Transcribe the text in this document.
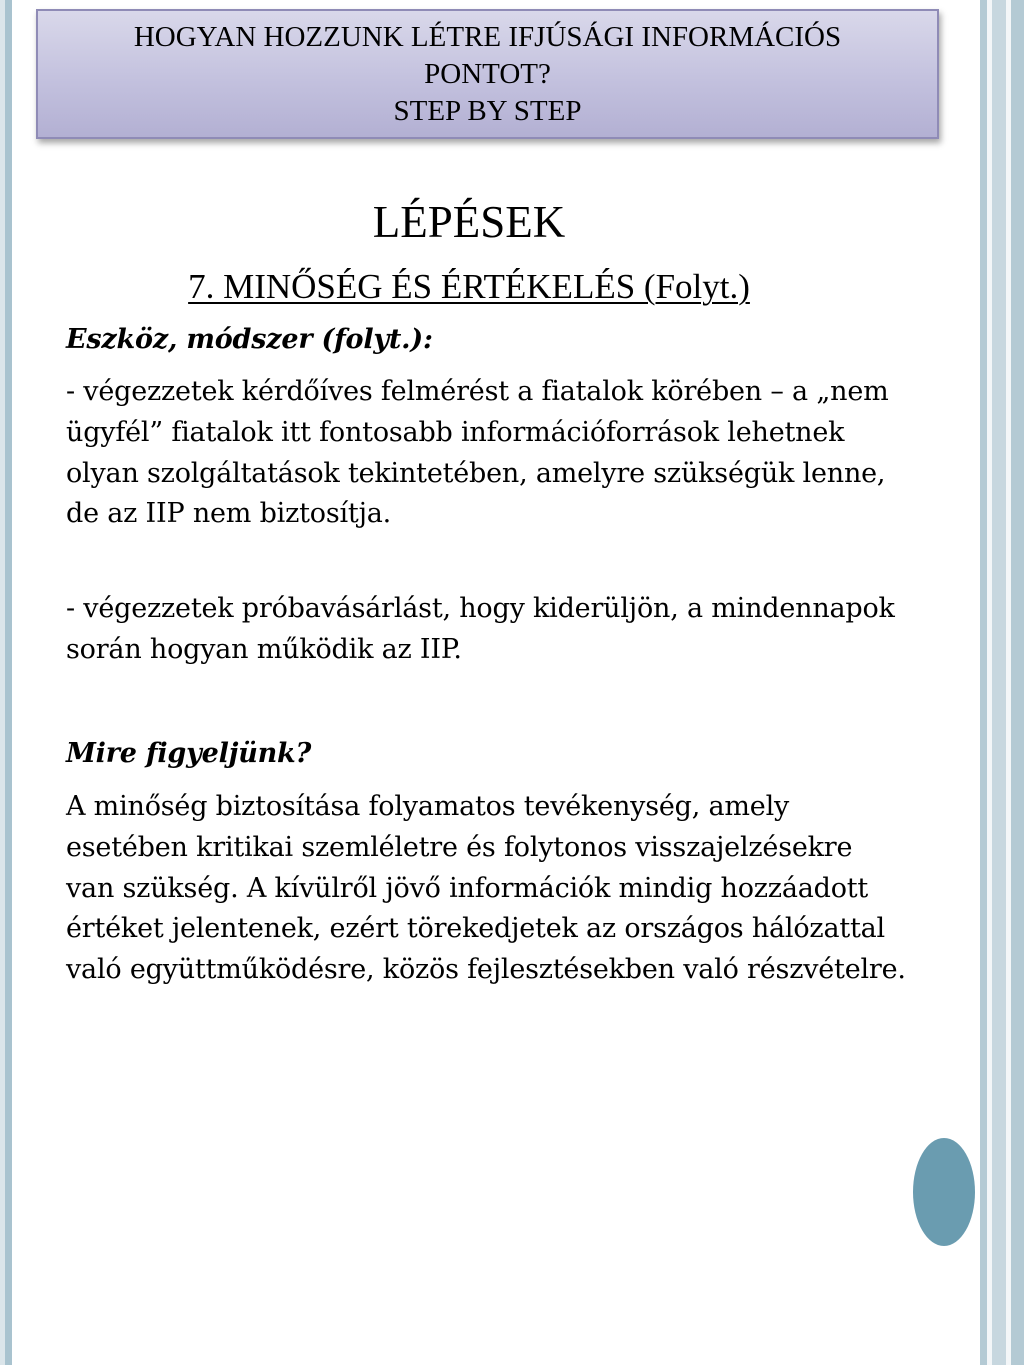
HOGYAN HOZZUNK LÉTRE IFJÚSÁGI INFORMÁCIÓS
PONTOT?
STEP BY STEP
LÉPÉSEK
7. MINŐSÉG ÉS ÉRTÉKELÉS (Folyt.)

Eszköz, módszer (folyt.):

- végezzetek kérdőíves felmérést a fiatalok körében – a „nem ügyfél” fiatalok itt fontosabb információforrások lehetnek olyan szolgáltatások tekintetében, amelyre szükségük lenne, de az IIP nem biztosítja.

- végezzetek próbavásárlást, hogy kiderüljön, a mindennapok során hogyan működik az IIP.

Mire figyeljünk?

A minőség biztosítása folyamatos tevékenység, amely esetében kritikai szemléletre és folytonos visszajelzésekre van szükség. A kívülről jövő információk mindig hozzáadott értéket jelentenek, ezért törekedjetek az országos hálózattal való együttműködésre, közös fejlesztésekben való részvételre.
